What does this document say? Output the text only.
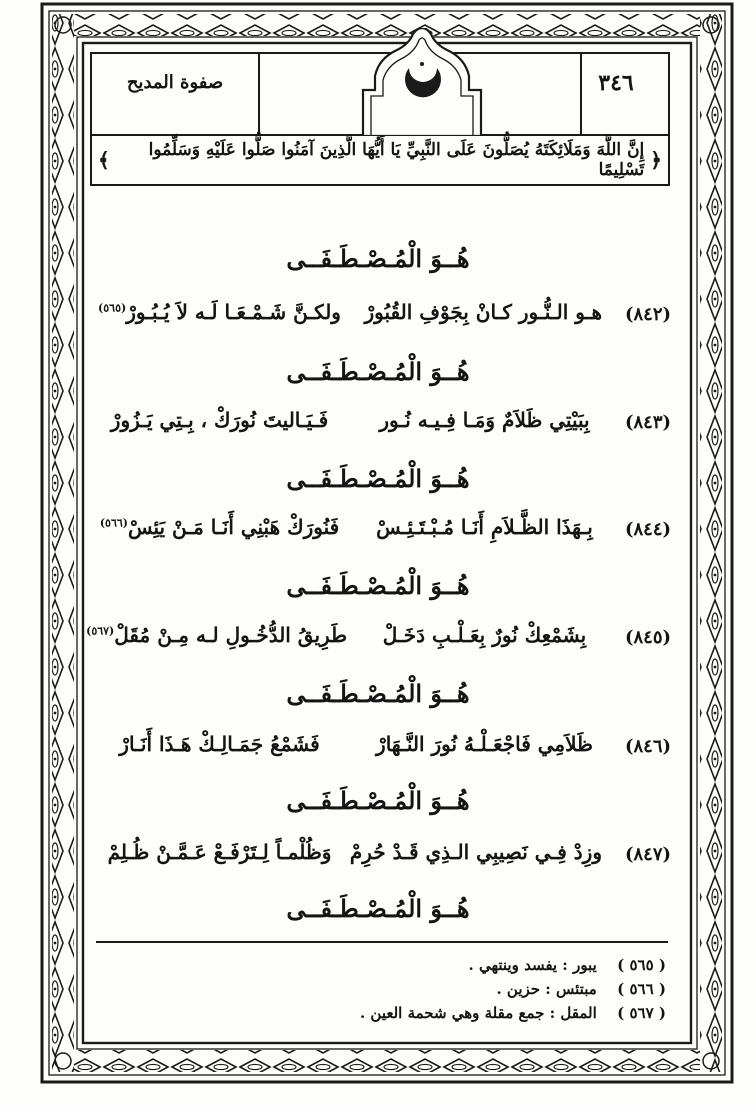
صفوة المديح	٣٤٦
﴿
إِنَّ اللَّهَ وَمَلَائِكَتَهُ يُصَلُّونَ عَلَى النَّبِيِّ يَا أَيُّهَا الَّذِينَ آمَنُوا صَلُّوا عَلَيْهِ وَسَلِّمُوا تَسْلِيمًا
﴾
هُــوَ الْمُـصْـطَـفَــى
(٨٤٢)
هـو الـنُّـور كـانْ بِجَوْفِ القُبُورْ
ولكـنَّ شَـمْـعَـا لَـه لاَ يُـبُـورْ$^{(٥٦٥)}$
هُــوَ الْمُـصْـطَـفَــى
(٨٤٣)
بِبَيْتِي ظَلاَمٌ وَمَـا فِـيـه نُـور
فَـيَـاليتَ نُورَكْ ، بِـتِي يَـزُورْ
هُــوَ الْمُـصْـطَـفَــى
(٨٤٤)
بِـهَذَا الظَّـلاَمِ أَنَـا مُـبْـتَـئِـسْ
فَنُورَكْ هَبْنِي أَنَـا مَـنْ يَئِسْ$^{(٥٦٦)}$
هُــوَ الْمُـصْـطَـفَــى
(٨٤٥)
بِشَمْعِكْ نُورٌ بِعَـلْـبِ دَخَـلْ
طَرِيقُ الدُّخُـولِ لـه مِـنْ مُقَلْ$^{(٥٦٧)}$
هُــوَ الْمُـصْـطَـفَــى
(٨٤٦)
ظَلاَمِي فَاجْعَـلْـهُ نُورَ النَّـهَارْ
فَشَمْعُ جَمَـالِـكْ هَـذَا أَنَـارْ
هُــوَ الْمُـصْـطَـفَــى
(٨٤٧)
وزِدْ فِـي نَصِيبِي الـذِي قَـدْ حُرِمْ
وَظُلْمـاً لِـتَرْفَـعْ عَـمَّـنْ ظُـلِمْ
هُــوَ الْمُـصْـطَـفَــى
( ٥٦٥ ) يبور : يفسد وينتهي .
( ٥٦٦ ) مبتئس : حزين .
( ٥٦٧ ) المقل : جمع مقلة وهي شحمة العين .
